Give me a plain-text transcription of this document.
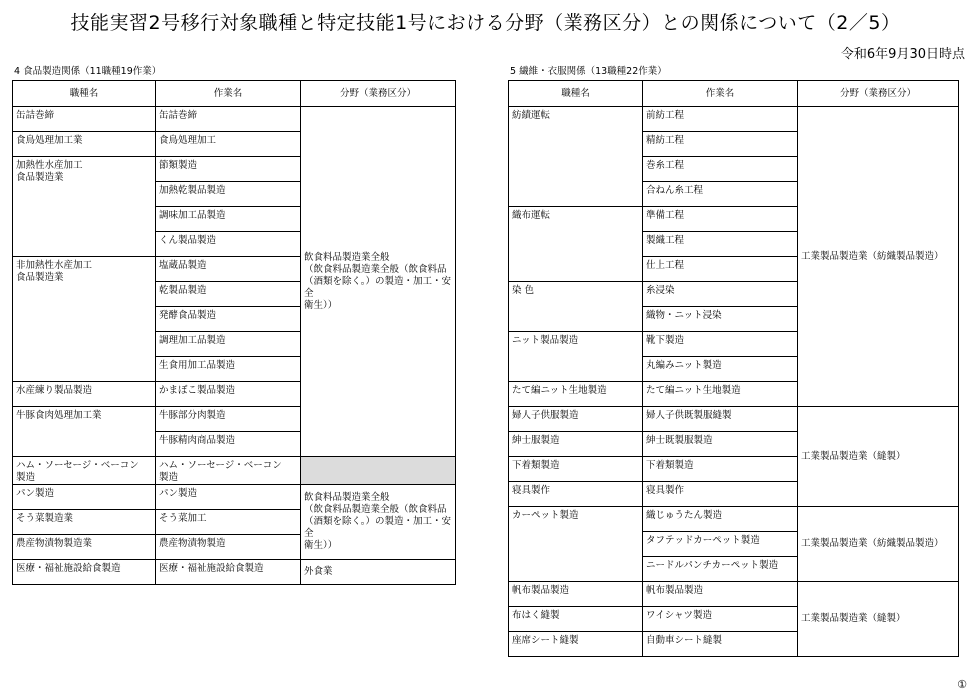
技能実習2号移行対象職種と特定技能1号における分野（業務区分）との関係について（2／5）
令和6年9月30日時点
4 食品製造関係（11職種19作業）
職種名	作業名	分野（業務区分）

缶詰巻締	缶詰巻締	飲食料品製造業全般
（飲食料品製造業全般（飲食料品
（酒類を除く。）の製造・加工・安全
衛生））

食鳥処理加工業	食鳥処理加工	

加熱性水産加工
食品製造業	節類製造	

	加熱乾製品製造	

	調味加工品製造	

	くん製品製造	

非加熱性水産加工
食品製造業	塩蔵品製造	

	乾製品製造	

	発酵食品製造	

	調理加工品製造	

	生食用加工品製造	

水産練り製品製造	かまぼこ製品製造	

牛豚食肉処理加工業	牛豚部分肉製造	

	牛豚精肉商品製造	

ハム・ソーセージ・ベーコン
製造	ハム・ソーセージ・ベーコン
製造	

パン製造	パン製造	飲食料品製造業全般
（飲食料品製造業全般（飲食料品
（酒類を除く。）の製造・加工・安全
衛生））

そう菜製造業	そう菜加工	

農産物漬物製造業	農産物漬物製造	

医療・福祉施設給食製造	医療・福祉施設給食製造	外食業
5 繊維・衣服関係（13職種22作業）
職種名	作業名	分野（業務区分）

紡績運転	前紡工程	工業製品製造業（紡織製品製造）

	精紡工程	

	巻糸工程	

	合ねん糸工程	

織布運転	準備工程	

	製織工程	

	仕上工程	

染 色	糸浸染	

	織物・ニット浸染	

ニット製品製造	靴下製造	

	丸編みニット製造	

たて編ニット生地製造	たて編ニット生地製造	

婦人子供服製造	婦人子供既製服縫製	工業製品製造業（縫製）

紳士服製造	紳士既製服製造	

下着類製造	下着類製造	

寝具製作	寝具製作	

カーペット製造	織じゅうたん製造	工業製品製造業（紡織製品製造）

	タフテッドカーペット製造	

	ニードルパンチカーペット製造	

帆布製品製造	帆布製品製造	工業製品製造業（縫製）

布はく縫製	ワイシャツ製造	

座席シート縫製	自動車シート縫製	
①
